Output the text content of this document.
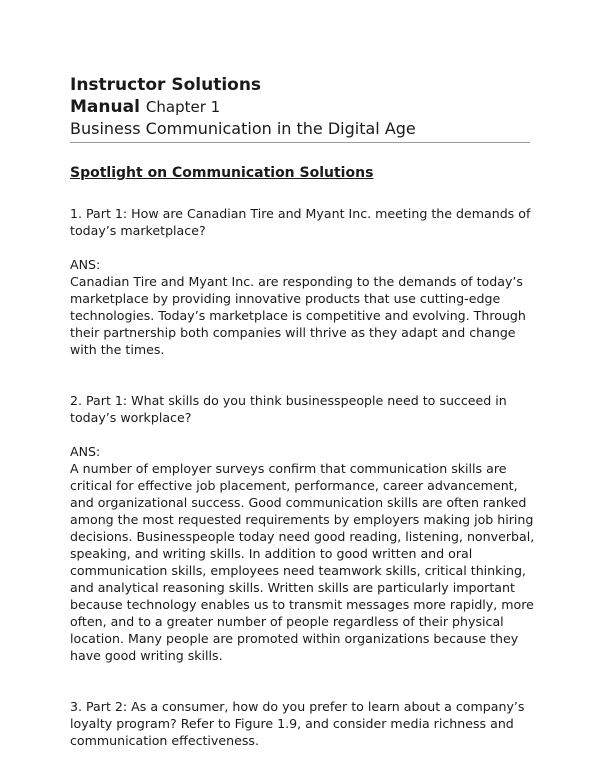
Instructor Solutions

Manual Chapter 1

Business Communication in the Digital Age

Spotlight on Communication Solutions

1. Part 1: How are Canadian Tire and Myant Inc. meeting the demands of today’s marketplace?

ANS:

Canadian Tire and Myant Inc. are responding to the demands of today’s marketplace by providing innovative products that use cutting-edge technologies. Today’s marketplace is competitive and evolving. Through their partnership both companies will thrive as they adapt and change with the times.

2. Part 1: What skills do you think businesspeople need to succeed in today’s workplace?

ANS:

A number of employer surveys confirm that communication skills are critical for effective job placement, performance, career advancement, and organizational success. Good communication skills are often ranked among the most requested requirements by employers making job hiring decisions. Businesspeople today need good reading, listening, nonverbal, speaking, and writing skills. In addition to good written and oral communication skills, employees need teamwork skills, critical thinking, and analytical reasoning skills. Written skills are particularly important because technology enables us to transmit messages more rapidly, more often, and to a greater number of people regardless of their physical location. Many people are promoted within organizations because they have good writing skills.

3. Part 2: As a consumer, how do you prefer to learn about a company’s loyalty program? Refer to Figure 1.9, and consider media richness and communication effectiveness.
